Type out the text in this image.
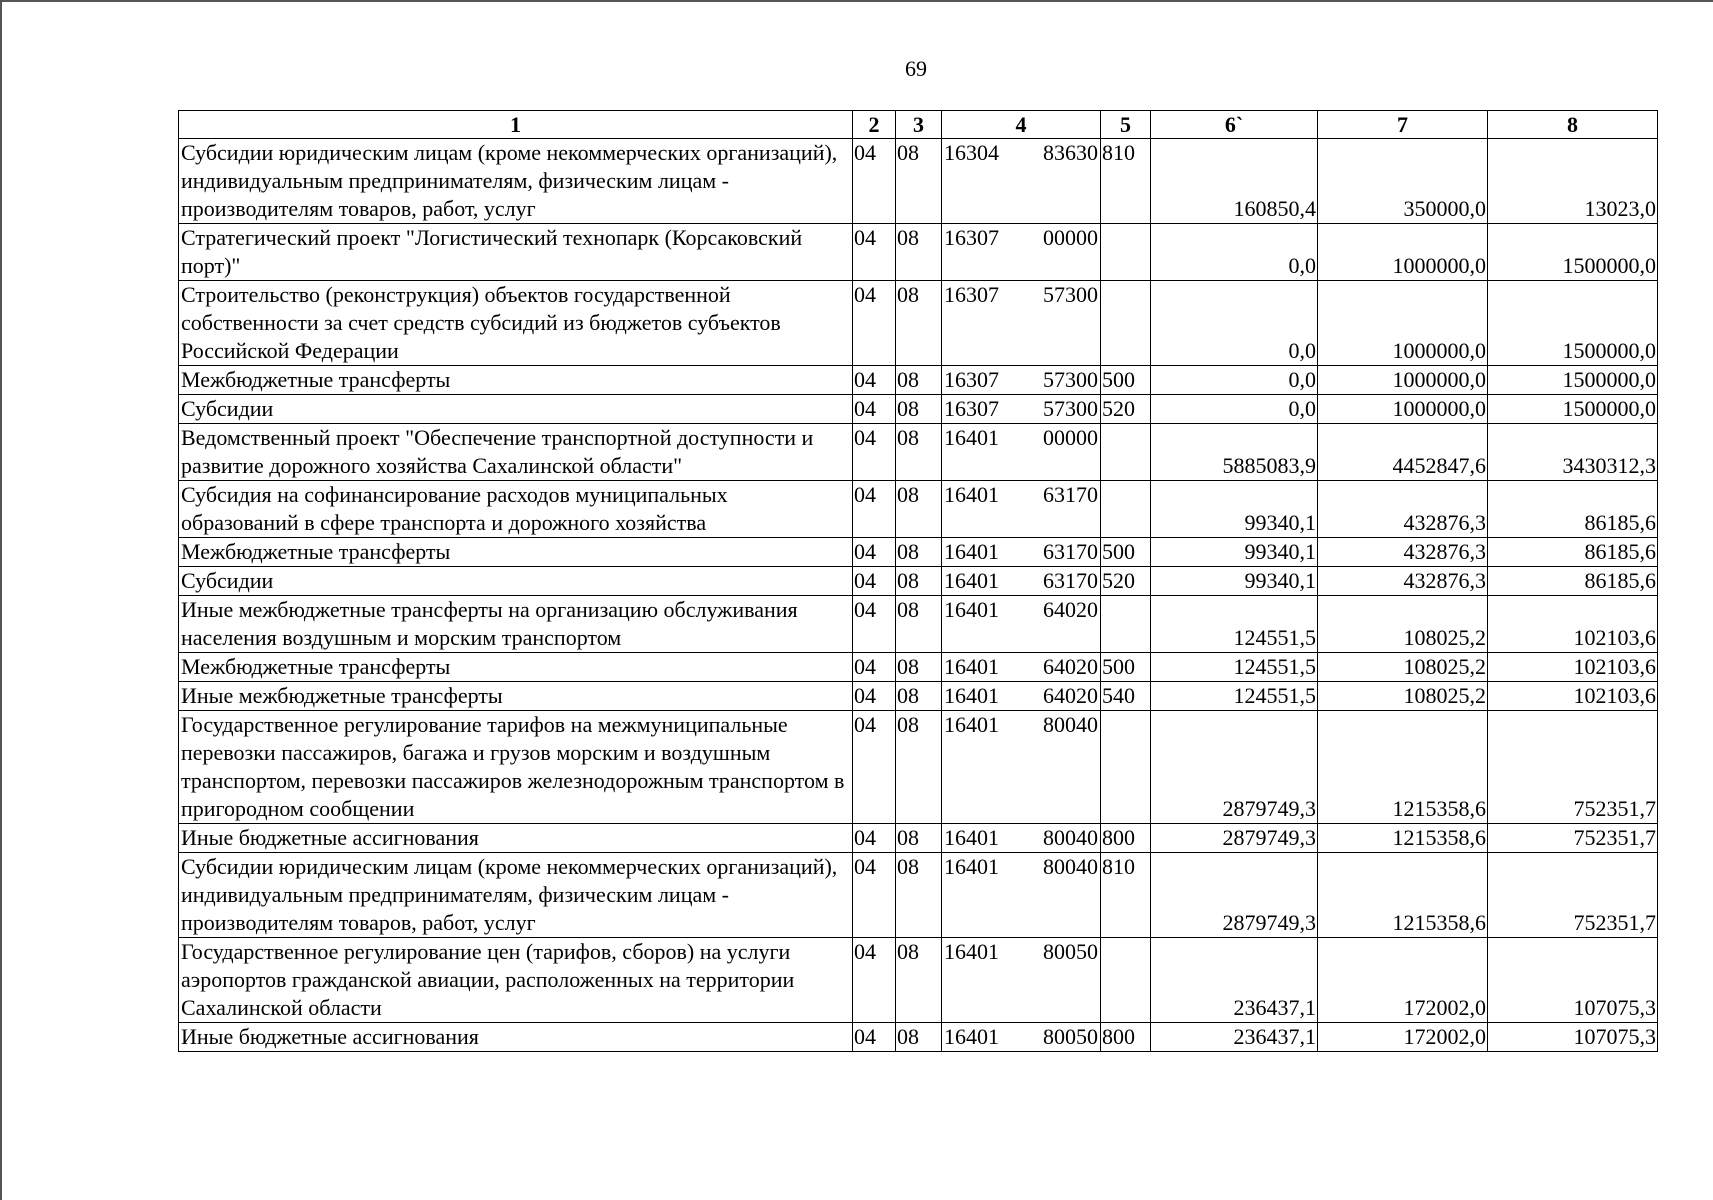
69
1	2	3	4	5	6`	7	8
Субсидии юридическим лицам (кроме некоммерческих организаций), индивидуальным предпринимателям, физическим лицам - производителям товаров, работ, услуг	04	08	16304 83630	810	160850,4	350000,0	13023,0
Стратегический проект "Логистический технопарк (Корсаковский порт)"	04	08	16307 00000		0,0	1000000,0	1500000,0
Строительство (реконструкция) объектов государственной собственности за счет средств субсидий из бюджетов субъектов Российской Федерации	04	08	16307 57300		0,0	1000000,0	1500000,0
Межбюджетные трансферты	04	08	16307 57300	500	0,0	1000000,0	1500000,0
Субсидии	04	08	16307 57300	520	0,0	1000000,0	1500000,0
Ведомственный проект "Обеспечение транспортной доступности и развитие дорожного хозяйства Сахалинской области"	04	08	16401 00000		5885083,9	4452847,6	3430312,3
Субсидия на софинансирование расходов муниципальных образований в сфере транспорта и дорожного хозяйства	04	08	16401 63170		99340,1	432876,3	86185,6
Межбюджетные трансферты	04	08	16401 63170	500	99340,1	432876,3	86185,6
Субсидии	04	08	16401 63170	520	99340,1	432876,3	86185,6
Иные межбюджетные трансферты на организацию обслуживания населения воздушным и морским транспортом	04	08	16401 64020		124551,5	108025,2	102103,6
Межбюджетные трансферты	04	08	16401 64020	500	124551,5	108025,2	102103,6
Иные межбюджетные трансферты	04	08	16401 64020	540	124551,5	108025,2	102103,6
Государственное регулирование тарифов на межмуниципальные перевозки пассажиров, багажа и грузов морским и воздушным транспортом, перевозки пассажиров железнодорожным транспортом в пригородном сообщении	04	08	16401 80040		2879749,3	1215358,6	752351,7
Иные бюджетные ассигнования	04	08	16401 80040	800	2879749,3	1215358,6	752351,7
Субсидии юридическим лицам (кроме некоммерческих организаций), индивидуальным предпринимателям, физическим лицам - производителям товаров, работ, услуг	04	08	16401 80040	810	2879749,3	1215358,6	752351,7
Государственное регулирование цен (тарифов, сборов) на услуги аэропортов гражданской авиации, расположенных на территории Сахалинской области	04	08	16401 80050		236437,1	172002,0	107075,3
Иные бюджетные ассигнования	04	08	16401 80050	800	236437,1	172002,0	107075,3
